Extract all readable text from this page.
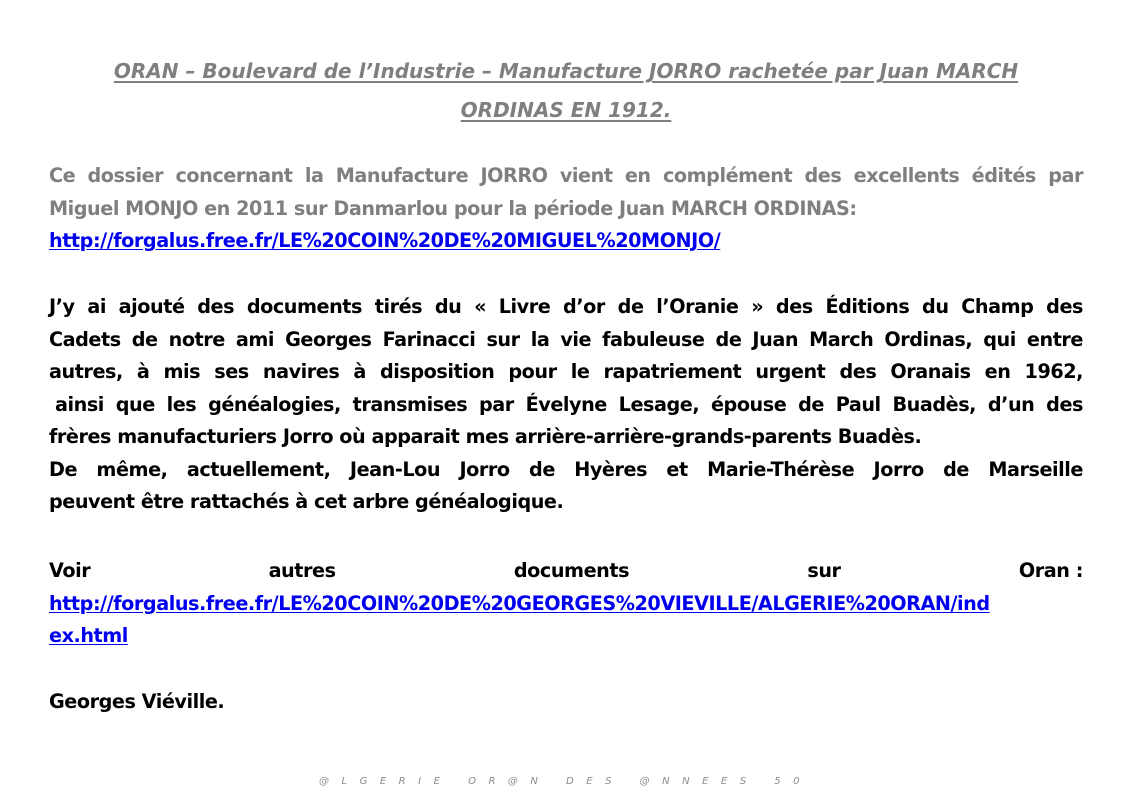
ORAN – Boulevard de l’Industrie – Manufacture JORRO rachetée par Juan MARCH
ORDINAS EN 1912.
Ce dossier concernant la Manufacture JORRO vient en complément des excellents édités par
Miguel MONJO en 2011 sur Danmarlou pour la période Juan MARCH ORDINAS:
http://forgalus.free.fr/LE%20COIN%20DE%20MIGUEL%20MONJO/
J’y ai ajouté des documents tirés du « Livre d’or de l’Oranie » des Éditions du Champ des
Cadets de notre ami Georges Farinacci sur la vie fabuleuse de Juan March Ordinas, qui entre
autres, à mis ses navires à disposition pour le rapatriement urgent des Oranais en 1962,
ainsi que les généalogies, transmises par Évelyne Lesage, épouse de Paul Buadès, d’un des
frères manufacturiers Jorro où apparait mes arrière-arrière-grands-parents Buadès.
De même, actuellement, Jean-Lou Jorro de Hyères et Marie-Thérèse Jorro de Marseille
peuvent être rattachés à cet arbre généalogique.
Voir	autres	documents	sur	Oran :
http://forgalus.free.fr/LE%20COIN%20DE%20GEORGES%20VIEVILLE/ALGERIE%20ORAN/ind
ex.html
Georges Viéville.
@LGERIE OR@N DES @NNEES 50
